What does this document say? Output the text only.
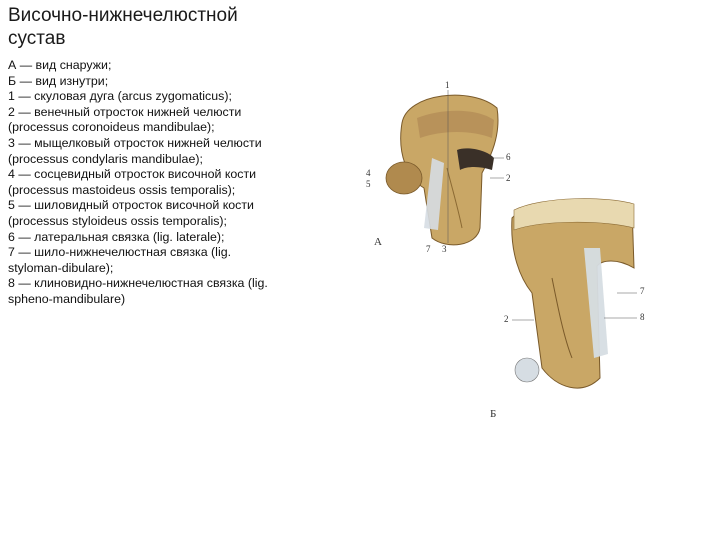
Височно-нижнечелюстной сустав
А — вид снаружи;
Б — вид изнутри;
1 — скуловая дуга (arcus zygomaticus);
2 — венечный отросток нижней челюсти (processus coronoideus mandibulae);
3 — мыщелковый отросток нижней челюсти (processus condylaris mandibulae);
4 — сосцевидный отросток височной кости (processus mastoideus ossis temporalis);
5 — шиловидный отросток височной кости (processus styloideus ossis temporalis);
6 — латеральная связка (lig. laterale);
7 — шило-нижнечелюстная связка (lig. styloman-dibulare);
8 — клиновидно-нижнечелюстная связка (lig. spheno-mandibulare)
1
6
2
4
5
7 3
А
7
2	8
Б
